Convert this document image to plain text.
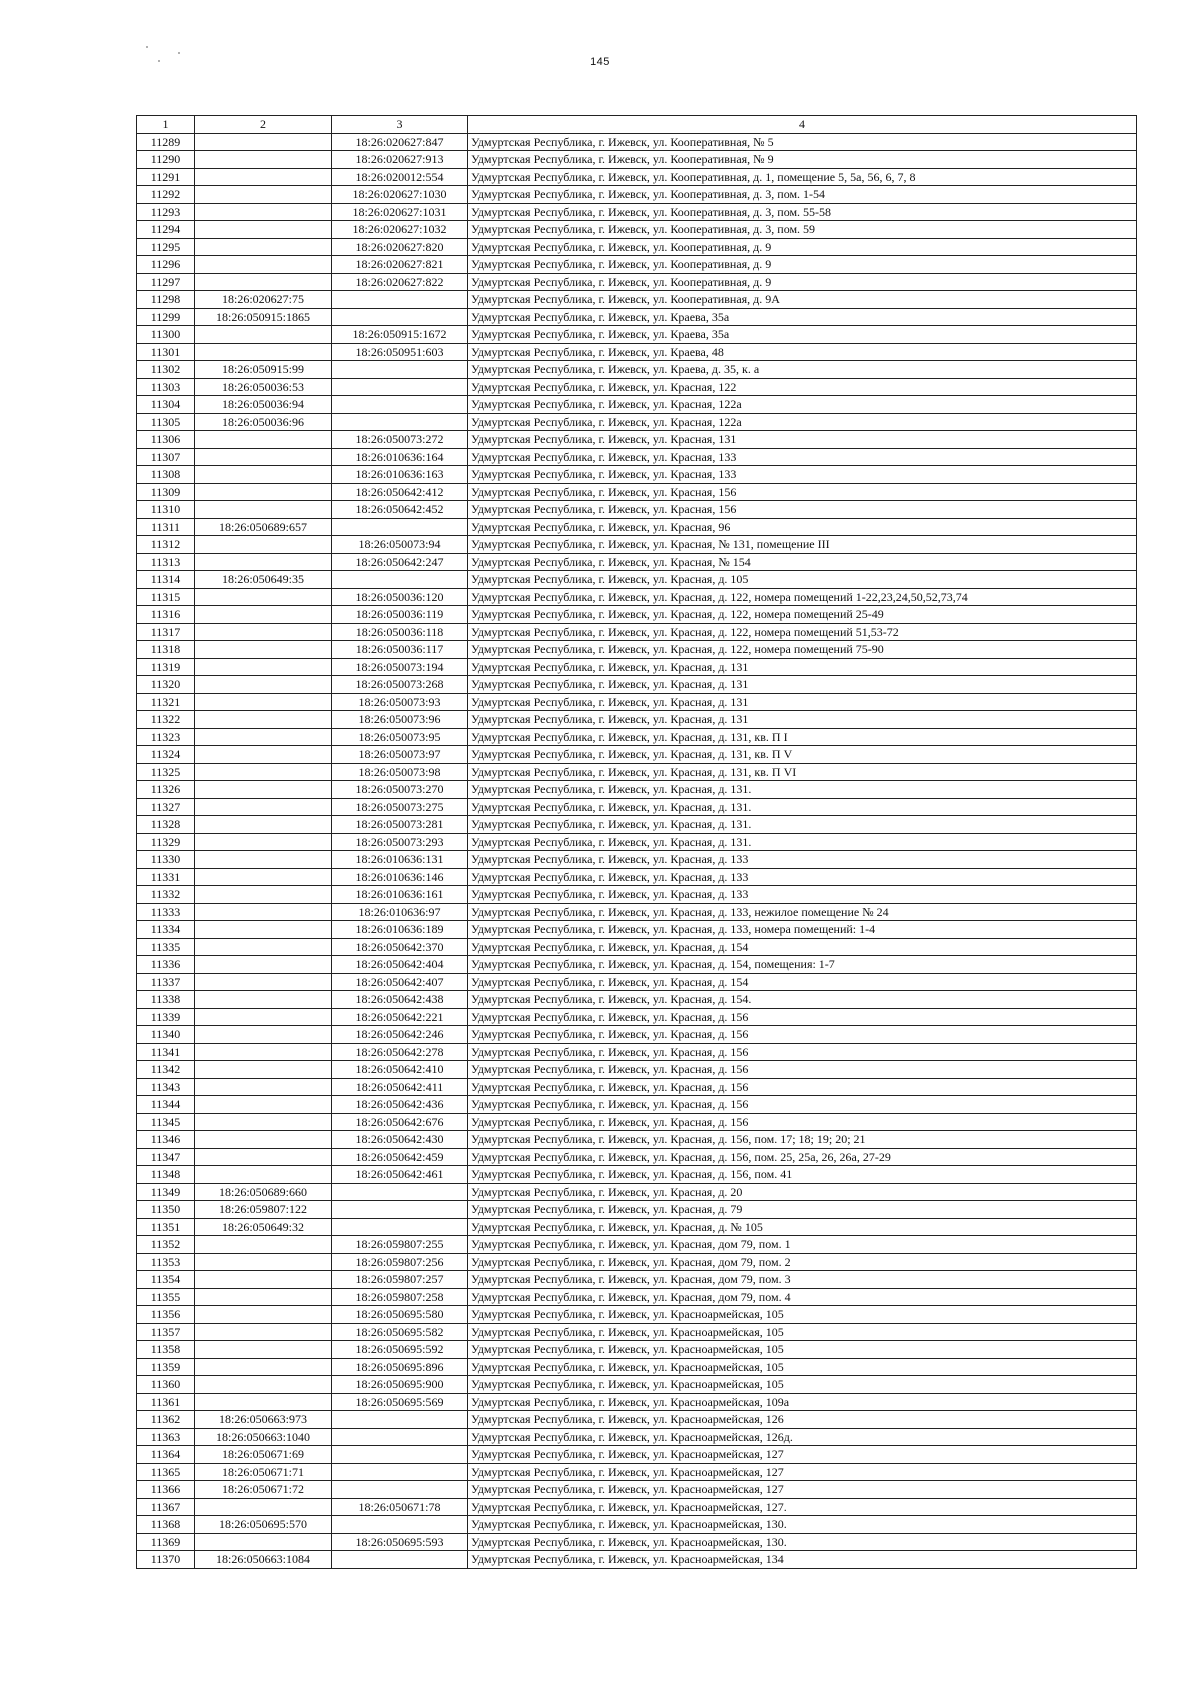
145
1	2	3	4
11289		18:26:020627:847	Удмуртская Республика, г. Ижевск, ул. Кооперативная, № 5
11290		18:26:020627:913	Удмуртская Республика, г. Ижевск, ул. Кооперативная, № 9
11291		18:26:020012:554	Удмуртская Республика, г. Ижевск, ул. Кооперативная, д. 1, помещение 5, 5а, 56, 6, 7, 8
11292		18:26:020627:1030	Удмуртская Республика, г. Ижевск, ул. Кооперативная, д. 3, пом. 1-54
11293		18:26:020627:1031	Удмуртская Республика, г. Ижевск, ул. Кооперативная, д. 3, пом. 55-58
11294		18:26:020627:1032	Удмуртская Республика, г. Ижевск, ул. Кооперативная, д. 3, пом. 59
11295		18:26:020627:820	Удмуртская Республика, г. Ижевск, ул. Кооперативная, д. 9
11296		18:26:020627:821	Удмуртская Республика, г. Ижевск, ул. Кооперативная, д. 9
11297		18:26:020627:822	Удмуртская Республика, г. Ижевск, ул. Кооперативная, д. 9
11298	18:26:020627:75		Удмуртская Республика, г. Ижевск, ул. Кооперативная, д. 9А
11299	18:26:050915:1865		Удмуртская Республика, г. Ижевск, ул. Краева, 35а
11300		18:26:050915:1672	Удмуртская Республика, г. Ижевск, ул. Краева, 35а
11301		18:26:050951:603	Удмуртская Республика, г. Ижевск, ул. Краева, 48
11302	18:26:050915:99		Удмуртская Республика, г. Ижевск, ул. Краева, д. 35, к. а
11303	18:26:050036:53		Удмуртская Республика, г. Ижевск, ул. Красная, 122
11304	18:26:050036:94		Удмуртская Республика, г. Ижевск, ул. Красная, 122а
11305	18:26:050036:96		Удмуртская Республика, г. Ижевск, ул. Красная, 122а
11306		18:26:050073:272	Удмуртская Республика, г. Ижевск, ул. Красная, 131
11307		18:26:010636:164	Удмуртская Республика, г. Ижевск, ул. Красная, 133
11308		18:26:010636:163	Удмуртская Республика, г. Ижевск, ул. Красная, 133
11309		18:26:050642:412	Удмуртская Республика, г. Ижевск, ул. Красная, 156
11310		18:26:050642:452	Удмуртская Республика, г. Ижевск, ул. Красная, 156
11311	18:26:050689:657		Удмуртская Республика, г. Ижевск, ул. Красная, 96
11312		18:26:050073:94	Удмуртская Республика, г. Ижевск, ул. Красная, № 131, помещение III
11313		18:26:050642:247	Удмуртская Республика, г. Ижевск, ул. Красная, № 154
11314	18:26:050649:35		Удмуртская Республика, г. Ижевск, ул. Красная, д. 105
11315		18:26:050036:120	Удмуртская Республика, г. Ижевск, ул. Красная, д. 122, номера помещений 1-22,23,24,50,52,73,74
11316		18:26:050036:119	Удмуртская Республика, г. Ижевск, ул. Красная, д. 122, номера помещений 25-49
11317		18:26:050036:118	Удмуртская Республика, г. Ижевск, ул. Красная, д. 122, номера помещений 51,53-72
11318		18:26:050036:117	Удмуртская Республика, г. Ижевск, ул. Красная, д. 122, номера помещений 75-90
11319		18:26:050073:194	Удмуртская Республика, г. Ижевск, ул. Красная, д. 131
11320		18:26:050073:268	Удмуртская Республика, г. Ижевск, ул. Красная, д. 131
11321		18:26:050073:93	Удмуртская Республика, г. Ижевск, ул. Красная, д. 131
11322		18:26:050073:96	Удмуртская Республика, г. Ижевск, ул. Красная, д. 131
11323		18:26:050073:95	Удмуртская Республика, г. Ижевск, ул. Красная, д. 131, кв. П I
11324		18:26:050073:97	Удмуртская Республика, г. Ижевск, ул. Красная, д. 131, кв. П V
11325		18:26:050073:98	Удмуртская Республика, г. Ижевск, ул. Красная, д. 131, кв. П VI
11326		18:26:050073:270	Удмуртская Республика, г. Ижевск, ул. Красная, д. 131.
11327		18:26:050073:275	Удмуртская Республика, г. Ижевск, ул. Красная, д. 131.
11328		18:26:050073:281	Удмуртская Республика, г. Ижевск, ул. Красная, д. 131.
11329		18:26:050073:293	Удмуртская Республика, г. Ижевск, ул. Красная, д. 131.
11330		18:26:010636:131	Удмуртская Республика, г. Ижевск, ул. Красная, д. 133
11331		18:26:010636:146	Удмуртская Республика, г. Ижевск, ул. Красная, д. 133
11332		18:26:010636:161	Удмуртская Республика, г. Ижевск, ул. Красная, д. 133
11333		18:26:010636:97	Удмуртская Республика, г. Ижевск, ул. Красная, д. 133, нежилое помещение № 24
11334		18:26:010636:189	Удмуртская Республика, г. Ижевск, ул. Красная, д. 133, номера помещений: 1-4
11335		18:26:050642:370	Удмуртская Республика, г. Ижевск, ул. Красная, д. 154
11336		18:26:050642:404	Удмуртская Республика, г. Ижевск, ул. Красная, д. 154, помещения: 1-7
11337		18:26:050642:407	Удмуртская Республика, г. Ижевск, ул. Красная, д. 154
11338		18:26:050642:438	Удмуртская Республика, г. Ижевск, ул. Красная, д. 154.
11339		18:26:050642:221	Удмуртская Республика, г. Ижевск, ул. Красная, д. 156
11340		18:26:050642:246	Удмуртская Республика, г. Ижевск, ул. Красная, д. 156
11341		18:26:050642:278	Удмуртская Республика, г. Ижевск, ул. Красная, д. 156
11342		18:26:050642:410	Удмуртская Республика, г. Ижевск, ул. Красная, д. 156
11343		18:26:050642:411	Удмуртская Республика, г. Ижевск, ул. Красная, д. 156
11344		18:26:050642:436	Удмуртская Республика, г. Ижевск, ул. Красная, д. 156
11345		18:26:050642:676	Удмуртская Республика, г. Ижевск, ул. Красная, д. 156
11346		18:26:050642:430	Удмуртская Республика, г. Ижевск, ул. Красная, д. 156, пом. 17; 18; 19; 20; 21
11347		18:26:050642:459	Удмуртская Республика, г. Ижевск, ул. Красная, д. 156, пом. 25, 25а, 26, 26а, 27-29
11348		18:26:050642:461	Удмуртская Республика, г. Ижевск, ул. Красная, д. 156, пом. 41
11349	18:26:050689:660		Удмуртская Республика, г. Ижевск, ул. Красная, д. 20
11350	18:26:059807:122		Удмуртская Республика, г. Ижевск, ул. Красная, д. 79
11351	18:26:050649:32		Удмуртская Республика, г. Ижевск, ул. Красная, д. № 105
11352		18:26:059807:255	Удмуртская Республика, г. Ижевск, ул. Красная, дом 79, пом. 1
11353		18:26:059807:256	Удмуртская Республика, г. Ижевск, ул. Красная, дом 79, пом. 2
11354		18:26:059807:257	Удмуртская Республика, г. Ижевск, ул. Красная, дом 79, пом. 3
11355		18:26:059807:258	Удмуртская Республика, г. Ижевск, ул. Красная, дом 79, пом. 4
11356		18:26:050695:580	Удмуртская Республика, г. Ижевск, ул. Красноармейская, 105
11357		18:26:050695:582	Удмуртская Республика, г. Ижевск, ул. Красноармейская, 105
11358		18:26:050695:592	Удмуртская Республика, г. Ижевск, ул. Красноармейская, 105
11359		18:26:050695:896	Удмуртская Республика, г. Ижевск, ул. Красноармейская, 105
11360		18:26:050695:900	Удмуртская Республика, г. Ижевск, ул. Красноармейская, 105
11361		18:26:050695:569	Удмуртская Республика, г. Ижевск, ул. Красноармейская, 109а
11362	18:26:050663:973		Удмуртская Республика, г. Ижевск, ул. Красноармейская, 126
11363	18:26:050663:1040		Удмуртская Республика, г. Ижевск, ул. Красноармейская, 126д.
11364	18:26:050671:69		Удмуртская Республика, г. Ижевск, ул. Красноармейская, 127
11365	18:26:050671:71		Удмуртская Республика, г. Ижевск, ул. Красноармейская, 127
11366	18:26:050671:72		Удмуртская Республика, г. Ижевск, ул. Красноармейская, 127
11367		18:26:050671:78	Удмуртская Республика, г. Ижевск, ул. Красноармейская, 127.
11368	18:26:050695:570		Удмуртская Республика, г. Ижевск, ул. Красноармейская, 130.
11369		18:26:050695:593	Удмуртская Республика, г. Ижевск, ул. Красноармейская, 130.
11370	18:26:050663:1084		Удмуртская Республика, г. Ижевск, ул. Красноармейская, 134
